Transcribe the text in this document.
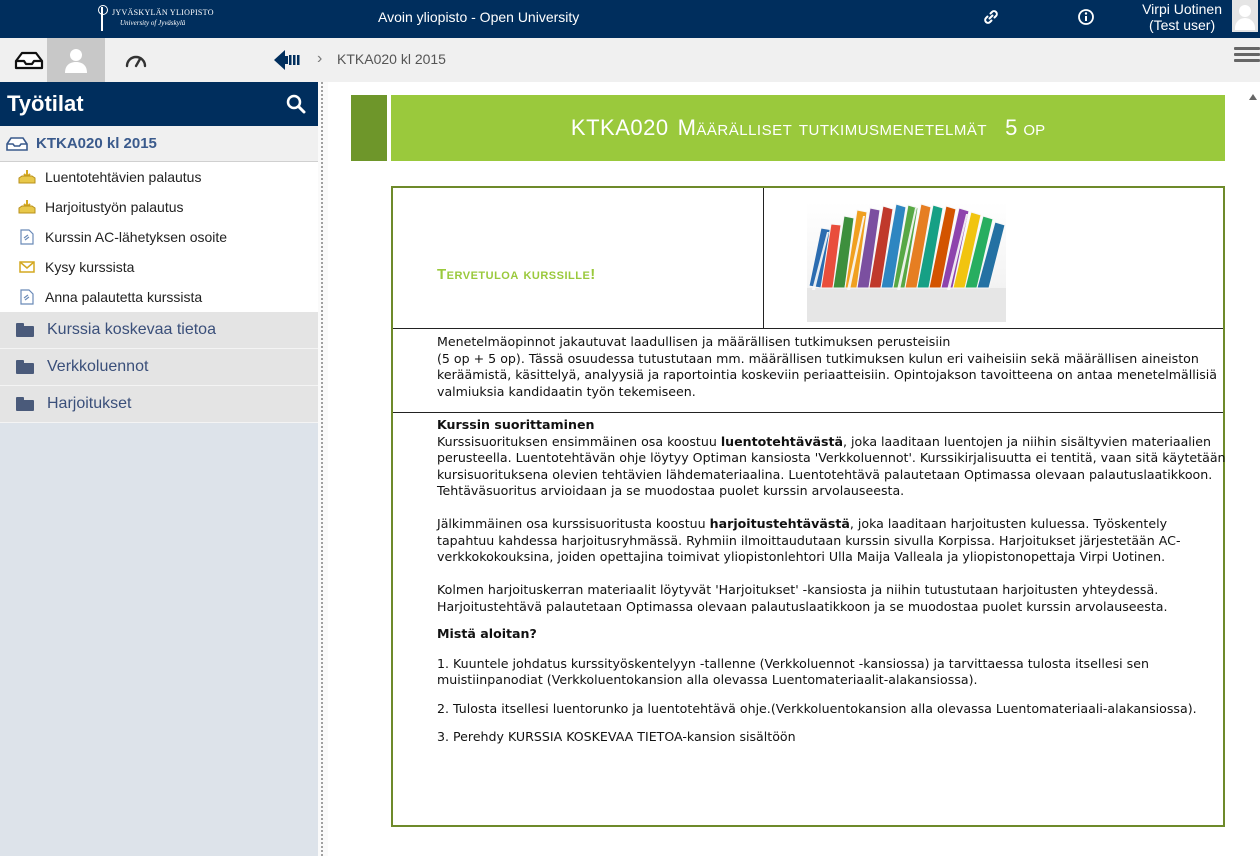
JYVÄSKYLÄN YLIOPISTO
University of Jyväskylä	Avoin yliopisto - Open University	Virpi Uotinen
(Test user)
› KTKA020 kl 2015
Työtilat
KTKA020 kl 2015
Luentotehtävien palautus
Harjoitustyön palautus
Kurssin AC-lähetyksen osoite
Kysy kurssista
Anna palautetta kurssista
Kurssia koskevaa tietoa
Verkkoluennot
Harjoitukset
KTKA020 Määrälliset tutkimusmenetelmät 5 op
Tervetuloa kurssille!
Menetelmäopinnot jakautuvat laadullisen ja määrällisen tutkimuksen perusteisiin
(5 op + 5 op). Tässä osuudessa tutustutaan mm. määrällisen tutkimuksen kulun eri vaiheisiin sekä määrällisen aineiston keräämistä, käsittelyä, analyysiä ja raportointia koskeviin periaatteisiin. Opintojakson tavoitteena on antaa menetelmällisiä valmiuksia kandidaatin työn tekemiseen.
Kurssin suorittaminen
Kurssisuorituksen ensimmäinen osa koostuu luentotehtävästä, joka laaditaan luentojen ja niihin sisältyvien materiaalien perusteella. Luentotehtävän ohje löytyy Optiman kansiosta 'Verkkoluennot'. Kurssikirjalisuutta ei tentitä, vaan sitä käytetään kursisuorituksena olevien tehtävien lähdemateriaalina. Luentotehtävä palautetaan Optimassa olevaan palautuslaatikkoon. Tehtäväsuoritus arvioidaan ja se muodostaa puolet kurssin arvolauseesta.
Jälkimmäinen osa kurssisuoritusta koostuu harjoitustehtävästä, joka laaditaan harjoitusten kuluessa. Työskentely tapahtuu kahdessa harjoitusryhmässä. Ryhmiin ilmoittaudutaan kurssin sivulla Korpissa. Harjoitukset järjestetään AC-verkkokokouksina, joiden opettajina toimivat yliopistonlehtori Ulla Maija Valleala ja yliopistonopettaja Virpi Uotinen.
Kolmen harjoituskerran materiaalit löytyvät 'Harjoitukset' -kansiosta ja niihin tutustutaan harjoitusten yhteydessä. Harjoitustehtävä palautetaan Optimassa olevaan palautuslaatikkoon ja se muodostaa puolet kurssin arvolauseesta.
Mistä aloitan?
1. Kuuntele johdatus kurssityöskentelyyn -tallenne (Verkkoluennot -kansiossa) ja tarvittaessa tulosta itsellesi sen muistiinpanodiat (Verkkoluentokansion alla olevassa Luentomateriaalit-alakansiossa).
2. Tulosta itsellesi luentorunko ja luentotehtävä ohje.(Verkkoluentokansion alla olevassa Luentomateriaali-alakansiossa).
3. Perehdy KURSSIA KOSKEVAA TIETOA-kansion sisältöön
